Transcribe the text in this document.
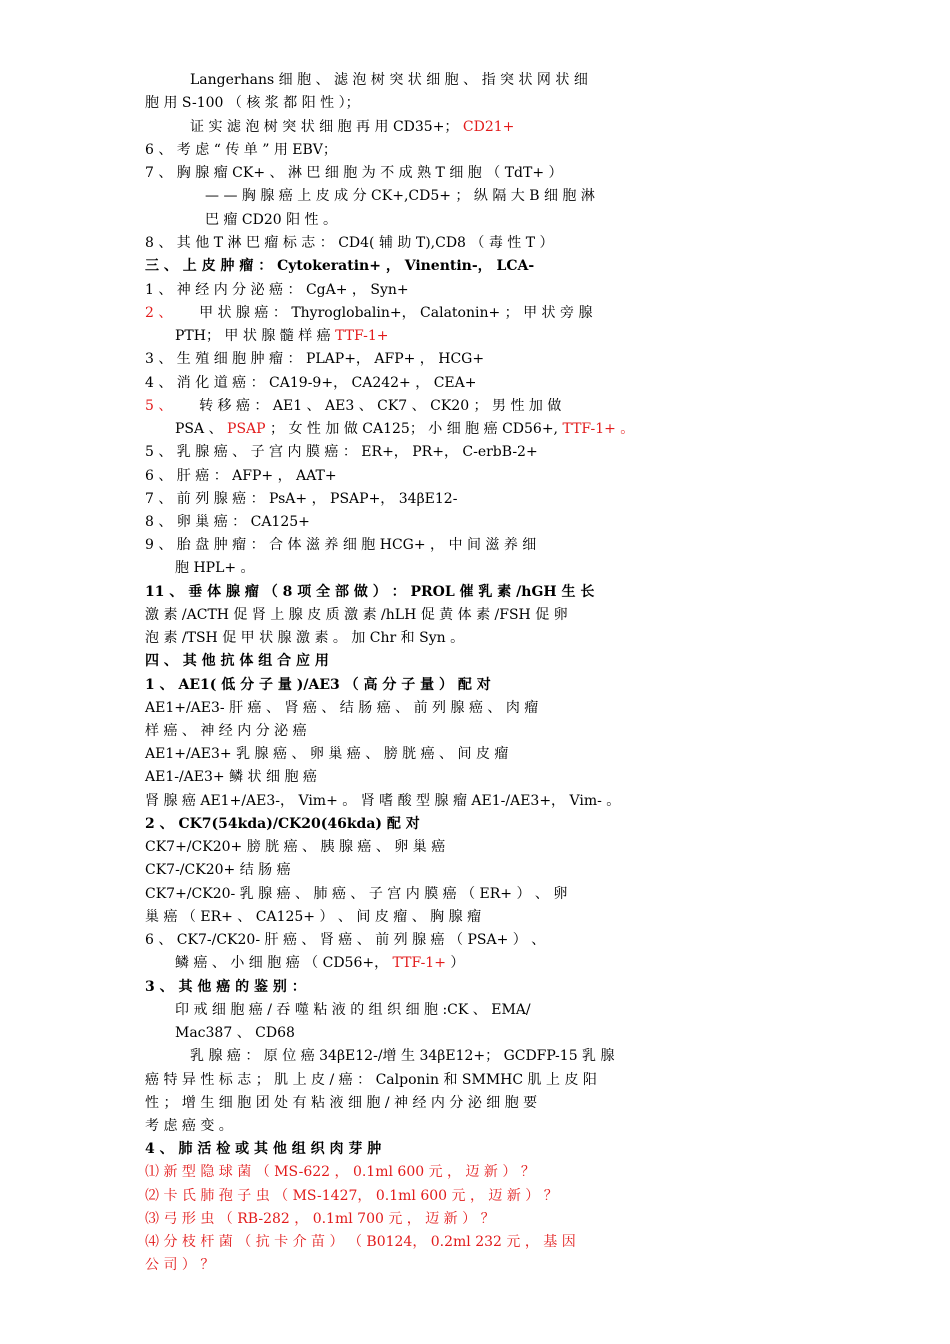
Langerhans 细 胞 、 滤 泡 树 突 状 细 胞 、 指 突 状 网 状 细

胞 用 S-100 （ 核 浆 都 阳 性 ）；

证 实 滤 泡 树 突 状 细 胞 再 用 CD35+； CD21+

6 、 考 虑 “ 传 单 ” 用 EBV；

7 、 胸 腺 瘤 CK+ 、 淋 巴 细 胞 为 不 成 熟 T 细 胞 （ TdT+ ）

— — 胸 腺 癌 上 皮 成 分 CK+,CD5+ ； 纵 隔 大 B 细 胞 淋

巴 瘤 CD20 阳 性 。

8 、 其 他 T 淋 巴 瘤 标 志 ： CD4( 辅 助 T),CD8 （ 毒 性 T ）

三 、 上 皮 肿 瘤 ： Cytokeratin+ ， Vinentin-， LCA-

1 、 神 经 内 分 泌 癌 ： CgA+ ， Syn+

2 、 甲 状 腺 癌 ： Thyroglobalin+， Calatonin+ ； 甲 状 旁 腺

PTH； 甲 状 腺 髓 样 癌 TTF-1+

3 、 生 殖 细 胞 肿 瘤 ： PLAP+， AFP+ ， HCG+

4 、 消 化 道 癌 ： CA19-9+， CA242+ ， CEA+

5 、 转 移 癌 ： AE1 、 AE3 、 CK7 、 CK20 ； 男 性 加 做

PSA 、 PSAP ； 女 性 加 做 CA125； 小 细 胞 癌 CD56+, TTF-1+ 。

5 、 乳 腺 癌 、 子 宫 内 膜 癌 ： ER+， PR+， C-erbB-2+

6 、 肝 癌 ： AFP+ ， AAT+

7 、 前 列 腺 癌 ： PsA+ ， PSAP+， 34βE12-

8 、 卵 巢 癌 ： CA125+

9 、 胎 盘 肿 瘤 ： 合 体 滋 养 细 胞 HCG+ ， 中 间 滋 养 细

胞 HPL+ 。

11 、 垂 体 腺 瘤 （ 8 项 全 部 做 ） ： PROL 催 乳 素 /hGH 生 长

激 素 /ACTH 促 肾 上 腺 皮 质 激 素 /hLH 促 黄 体 素 /FSH 促 卵

泡 素 /TSH 促 甲 状 腺 激 素 。 加 Chr 和 Syn 。

四 、 其 他 抗 体 组 合 应 用

1 、 AE1( 低 分 子 量 )/AE3 （ 高 分 子 量 ） 配 对

AE1+/AE3- 肝 癌 、 肾 癌 、 结 肠 癌 、 前 列 腺 癌 、 肉 瘤

样 癌 、 神 经 内 分 泌 癌

AE1+/AE3+ 乳 腺 癌 、 卵 巢 癌 、 膀 胱 癌 、 间 皮 瘤

AE1-/AE3+ 鳞 状 细 胞 癌

肾 腺 癌 AE1+/AE3-， Vim+ 。 肾 嗜 酸 型 腺 瘤 AE1-/AE3+， Vim- 。

2 、 CK7(54kda)/CK20(46kda) 配 对

CK7+/CK20+ 膀 胱 癌 、 胰 腺 癌 、 卵 巢 癌

CK7-/CK20+ 结 肠 癌

CK7+/CK20- 乳 腺 癌 、 肺 癌 、 子 宫 内 膜 癌 （ ER+ ） 、 卵

巢 癌 （ ER+ 、 CA125+ ） 、 间 皮 瘤 、 胸 腺 瘤

6 、 CK7-/CK20- 肝 癌 、 肾 癌 、 前 列 腺 癌 （ PSA+ ） 、

鳞 癌 、 小 细 胞 癌 （ CD56+， TTF-1+ ）

3 、 其 他 癌 的 鉴 别 ：

印 戒 细 胞 癌 / 吞 噬 粘 液 的 组 织 细 胞 :CK 、 EMA/

Mac387 、 CD68

乳 腺 癌 ： 原 位 癌 34βE12-/增 生 34βE12+； GCDFP-15 乳 腺

癌 特 异 性 标 志 ； 肌 上 皮 / 癌 ： Calponin 和 SMMHC 肌 上 皮 阳

性 ； 增 生 细 胞 团 处 有 粘 液 细 胞 / 神 经 内 分 泌 细 胞 要

考 虑 癌 变 。

4 、 肺 活 检 或 其 他 组 织 肉 芽 肿

⑴ 新 型 隐 球 菌 （ MS-622 ， 0.1ml 600 元 ， 迈 新 ） ？

⑵ 卡 氏 肺 孢 子 虫 （ MS-1427， 0.1ml 600 元 ， 迈 新 ） ？

⑶ 弓 形 虫 （ RB-282 ， 0.1ml 700 元 ， 迈 新 ） ？

⑷ 分 枝 杆 菌 （ 抗 卡 介 苗 ） （ B0124， 0.2ml 232 元 ， 基 因

公 司 ） ？
